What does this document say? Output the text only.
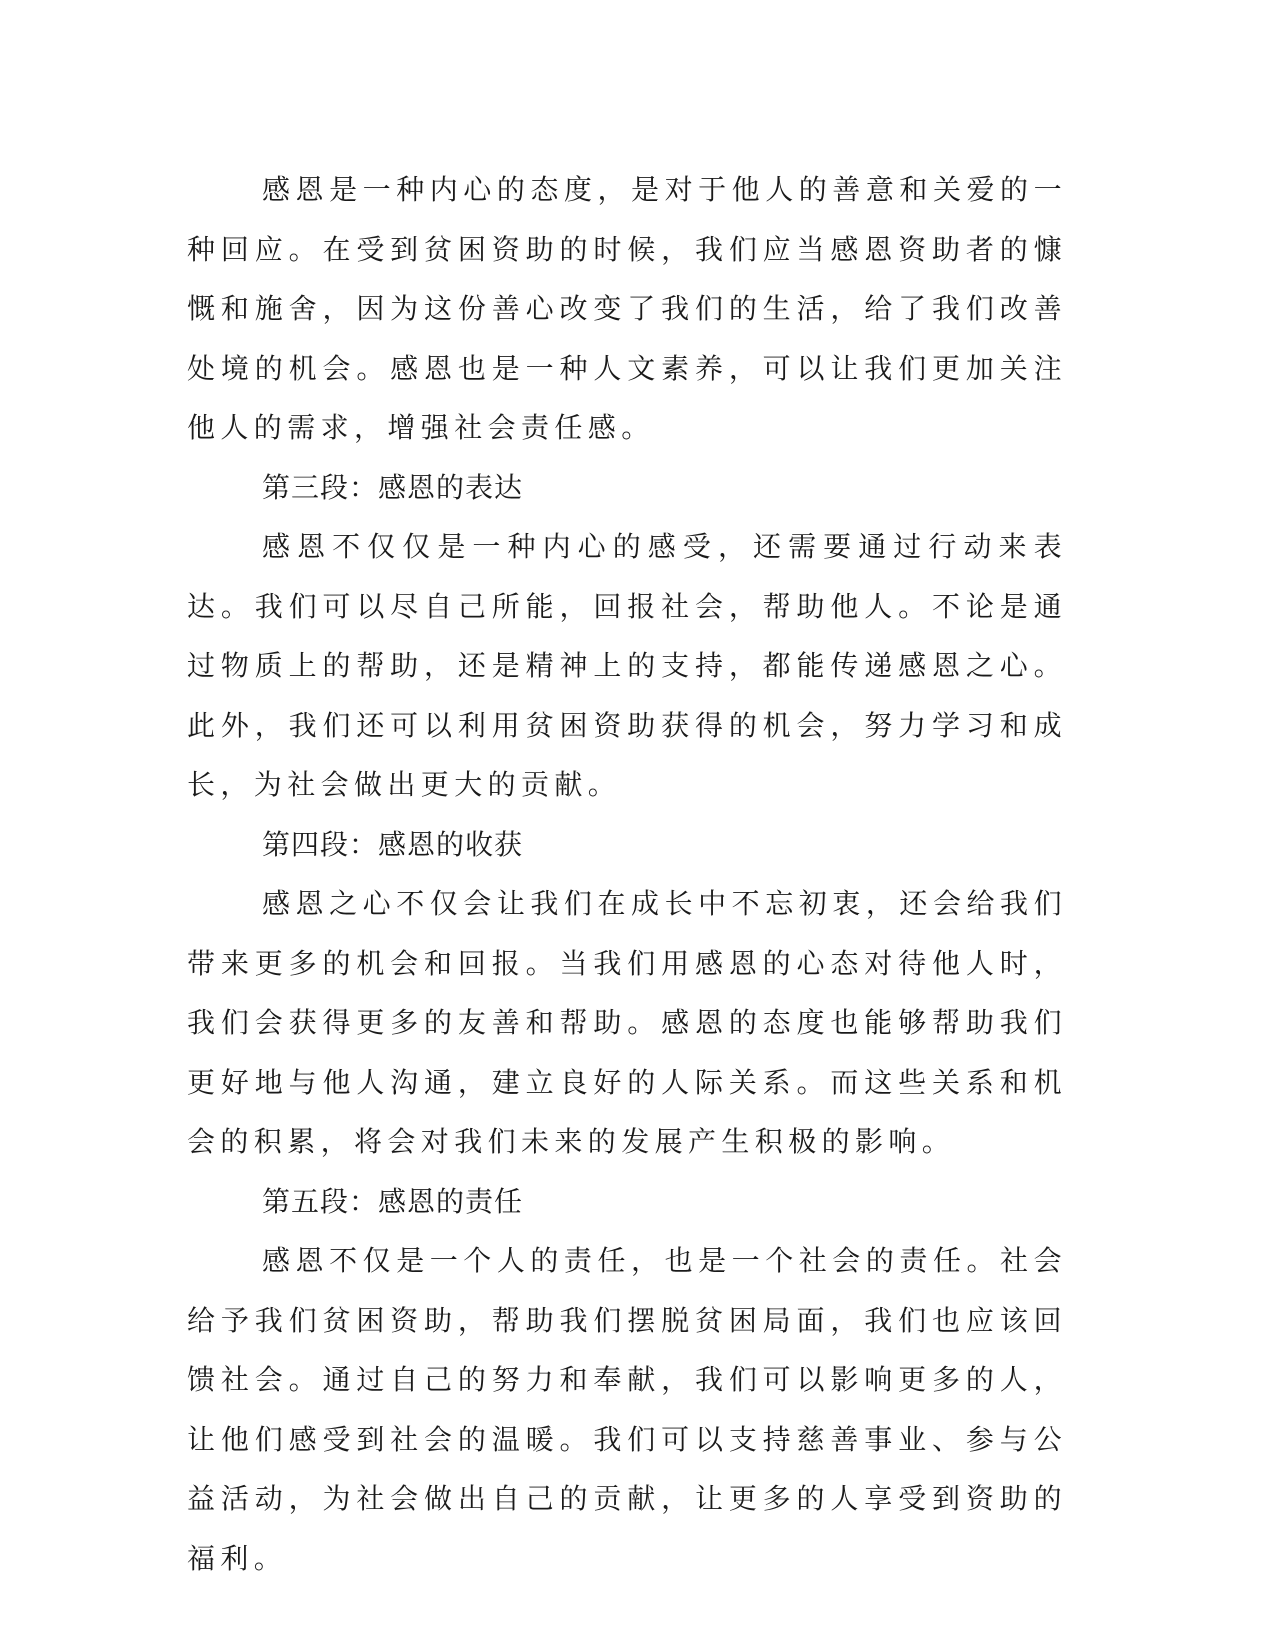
感恩是一种内心的态度，是对于他人的善意和关爱的一种回应。在受到贫困资助的时候，我们应当感恩资助者的慷慨和施舍，因为这份善心改变了我们的生活，给了我们改善处境的机会。感恩也是一种人文素养，可以让我们更加关注他人的需求，增强社会责任感。

第三段：感恩的表达

感恩不仅仅是一种内心的感受，还需要通过行动来表达。我们可以尽自己所能，回报社会，帮助他人。不论是通过物质上的帮助，还是精神上的支持，都能传递感恩之心。此外，我们还可以利用贫困资助获得的机会，努力学习和成长，为社会做出更大的贡献。

第四段：感恩的收获

感恩之心不仅会让我们在成长中不忘初衷，还会给我们带来更多的机会和回报。当我们用感恩的心态对待他人时，我们会获得更多的友善和帮助。感恩的态度也能够帮助我们更好地与他人沟通，建立良好的人际关系。而这些关系和机会的积累，将会对我们未来的发展产生积极的影响。

第五段：感恩的责任

感恩不仅是一个人的责任，也是一个社会的责任。社会给予我们贫困资助，帮助我们摆脱贫困局面，我们也应该回馈社会。通过自己的努力和奉献，我们可以影响更多的人，让他们感受到社会的温暖。我们可以支持慈善事业、参与公益活动，为社会做出自己的贡献，让更多的人享受到资助的福利。
